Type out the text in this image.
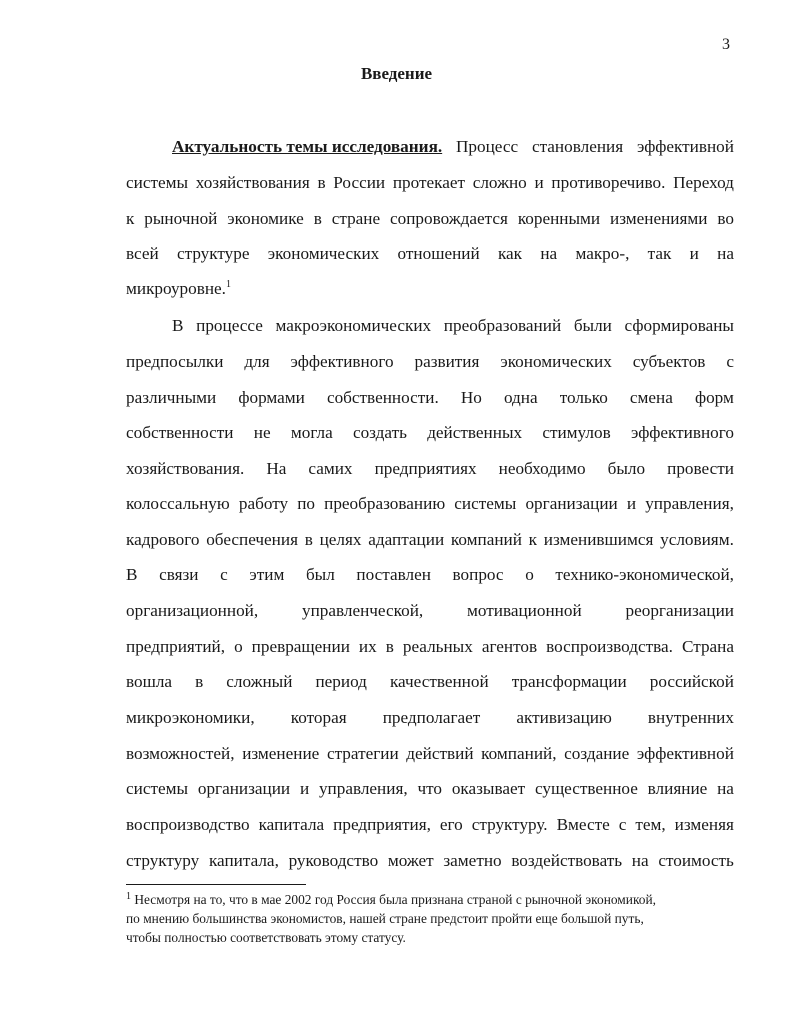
3
Введение
Актуальность темы исследования. Процесс становления эффективной
системы хозяйствования в России протекает сложно и противоречиво. Переход
к рыночной экономике в стране сопровождается коренными изменениями во
всей структуре экономических отношений как на макро-, так и на
микроуровне.$^1$
В процессе макроэкономических преобразований были сформированы
предпосылки для эффективного развития экономических субъектов с
различными формами собственности. Но одна только смена форм
собственности не могла создать действенных стимулов эффективного
хозяйствования. На самих предприятиях необходимо было провести
колоссальную работу по преобразованию системы организации и управления,
кадрового обеспечения в целях адаптации компаний к изменившимся условиям.
В связи с этим был поставлен вопрос о технико-экономической,
организационной,	управленческой,	мотивационной	реорганизации
предприятий, о превращении их в реальных агентов воспроизводства. Страна
вошла в сложный период качественной трансформации российской
микроэкономики, которая предполагает активизацию внутренних
возможностей, изменение стратегии действий компаний, создание эффективной
системы организации и управления, что оказывает существенное влияние на
воспроизводство капитала предприятия, его структуру. Вместе с тем, изменяя
структуру капитала, руководство может заметно воздействовать на стоимость
$^1$ Несмотря на то, что в мае 2002 год Россия была признана страной с рыночной экономикой,
по мнению большинства экономистов, нашей стране предстоит пройти еще большой путь,
чтобы полностью соответствовать этому статусу.
